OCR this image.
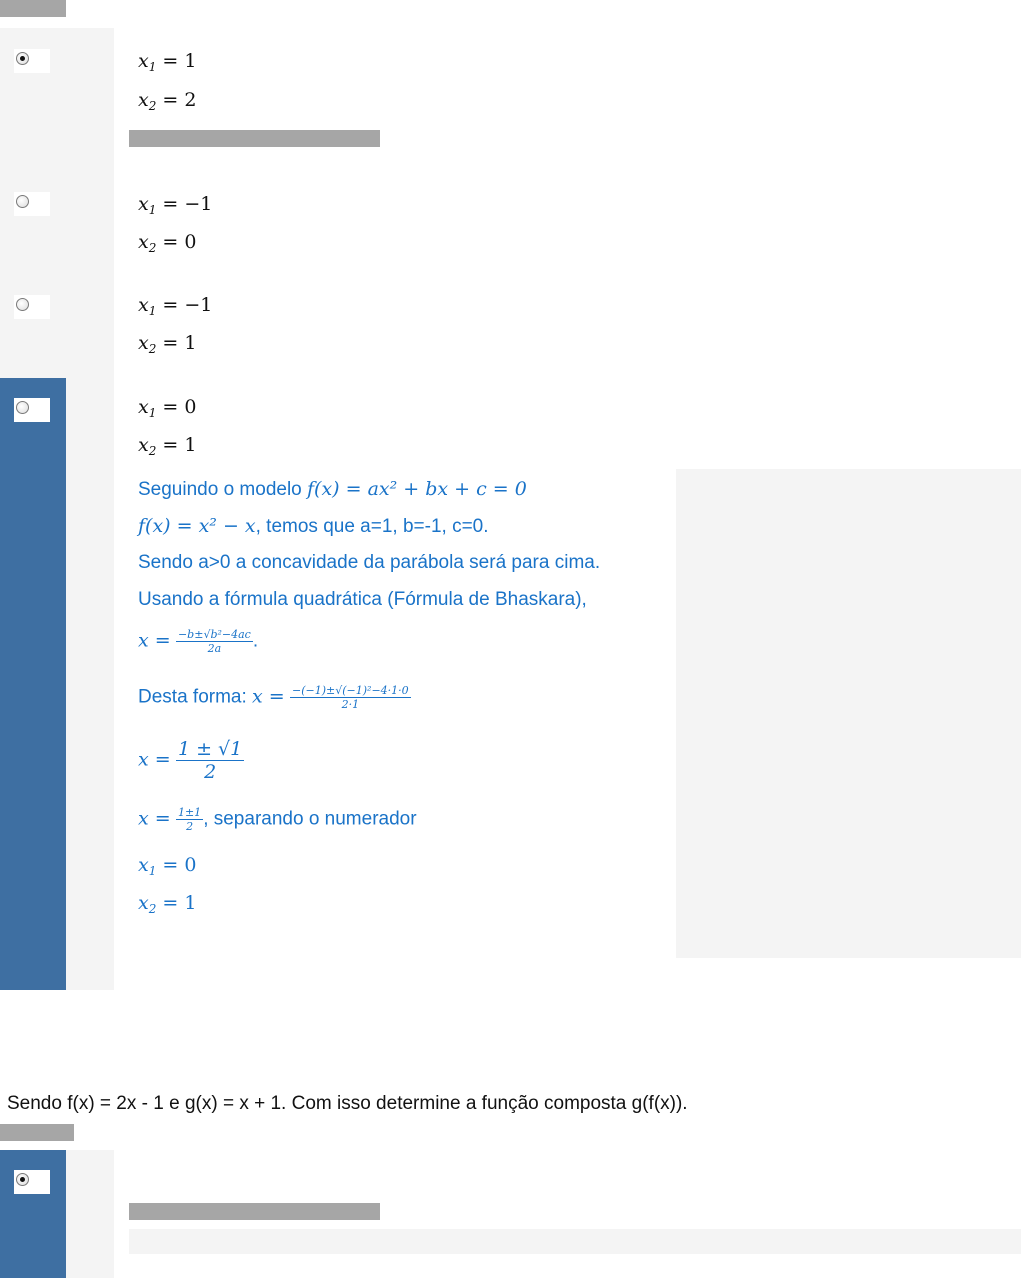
$x_1 = 1$
$x_2 = 2$
$x_1 = -1$
$x_2 = 0$
$x_1 = -1$
$x_2 = 1$
$x_1 = 0$
$x_2 = 1$
Seguindo o modelo f(x) = ax² + bx + c = 0
f(x) = x² − x, temos que a=1, b=-1, c=0.
Sendo a>0 a concavidade da parábola será para cima.
Usando a fórmula quadrática (Fórmula de Bhaskara),
$x = \frac{\text{−b±√b²−4ac}}{2a}$ .
Desta forma: $x = \frac{\text{−(−1)±√(−1)²−4·1·0}}{2\cdot 1}$
$x = \frac{1 \pm √1}{2}$
$x = \frac{1\pm 1}{2}$ , separando o numerador
$x_1 = 0$
$x_2 = 1$
Sendo f(x) = 2x - 1 e g(x) = x + 1. Com isso determine a função composta g(f(x)).
